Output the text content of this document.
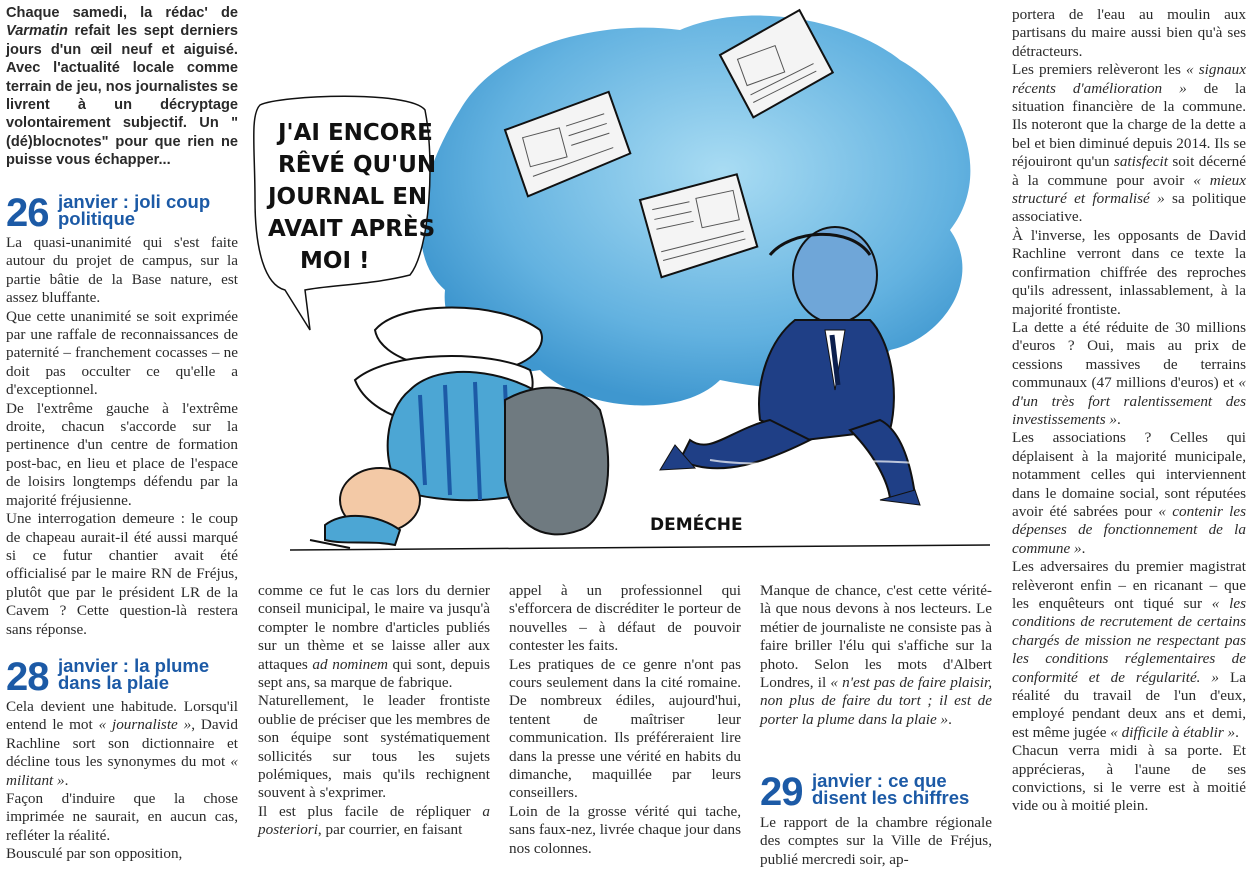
Chaque samedi, la rédac' de Varmatin refait les sept derniers jours d'un œil neuf et aiguisé. Avec l'actualité locale comme terrain de jeu, nos journalistes se livrent à un décryptage volontairement subjectif. Un "(dé)blocnotes" pour que rien ne puisse vous échapper...

26 janvier : joli coup
politique

La quasi-unanimité qui s'est faite autour du projet de campus, sur la partie bâtie de la Base nature, est assez bluffante.

Que cette unanimité se soit exprimée par une raffale de reconnaissances de paternité – franchement cocasses – ne doit pas occulter ce qu'elle a d'exceptionnel.

De l'extrême gauche à l'extrême droite, chacun s'accorde sur la pertinence d'un centre de formation post-bac, en lieu et place de l'espace de loisirs longtemps défendu par la majorité fréjusienne.

Une interrogation demeure : le coup de chapeau aurait-il été aussi marqué si ce futur chantier avait été officialisé par le maire RN de Fréjus, plutôt que par le président LR de la Cavem ? Cette question-là restera sans réponse.

28 janvier : la plume
dans la plaie

Cela devient une habitude. Lorsqu'il entend le mot « journaliste », David Rachline sort son dictionnaire et décline tous les synonymes du mot « militant ».

Façon d'induire que la chose imprimée ne saurait, en aucun cas, refléter la réalité.

Bousculé par son opposition,

J'AI ENCORE
RÊVÉ QU'UN
JOURNAL EN
AVAIT APRÈS
MOI !
DEMÉCHE

comme ce fut le cas lors du dernier conseil municipal, le maire va jusqu'à compter le nombre d'articles publiés sur un thème et se laisse aller aux attaques ad nominem qui sont, depuis sept ans, sa marque de fabrique.

Naturellement, le leader frontiste oublie de préciser que les membres de son équipe sont systématiquement sollicités sur tous les sujets polémiques, mais qu'ils rechignent souvent à s'exprimer.

Il est plus facile de répliquer a posteriori, par courrier, en faisant

appel à un professionnel qui s'efforcera de discréditer le porteur de nouvelles – à défaut de pouvoir contester les faits.

Les pratiques de ce genre n'ont pas cours seulement dans la cité romaine. De nombreux édiles, aujourd'hui, tentent de maîtriser leur communication. Ils préféreraient lire dans la presse une vérité en habits du dimanche, maquillée par leurs conseillers.

Loin de la grosse vérité qui tache, sans faux-nez, livrée chaque jour dans nos colonnes.

Manque de chance, c'est cette vérité-là que nous devons à nos lecteurs. Le métier de journaliste ne consiste pas à faire briller l'élu qui s'affiche sur la photo. Selon les mots d'Albert Londres, il « n'est pas de faire plaisir, non plus de faire du tort ; il est de porter la plume dans la plaie ».

29 janvier : ce que
disent les chiffres

Le rapport de la chambre régionale des comptes sur la Ville de Fréjus, publié mercredi soir, ap-

portera de l'eau au moulin aux partisans du maire aussi bien qu'à ses détracteurs.

Les premiers relèveront les « signaux récents d'amélioration » de la situation financière de la commune. Ils noteront que la charge de la dette a bel et bien diminué depuis 2014. Ils se réjouiront qu'un satisfecit soit décerné à la commune pour avoir « mieux structuré et formalisé » sa politique associative.

À l'inverse, les opposants de David Rachline verront dans ce texte la confirmation chiffrée des reproches qu'ils adressent, inlassablement, à la majorité frontiste.

La dette a été réduite de 30 millions d'euros ? Oui, mais au prix de cessions massives de terrains communaux (47 millions d'euros) et « d'un très fort ralentissement des investissements ».

Les associations ? Celles qui déplaisent à la majorité municipale, notamment celles qui interviennent dans le domaine social, sont réputées avoir été sabrées pour « contenir les dépenses de fonctionnement de la commune ».

Les adversaires du premier magistrat relèveront enfin – en ricanant – que les enquêteurs ont tiqué sur « les conditions de recrutement de certains chargés de mission ne respectant pas les conditions réglementaires de conformité et de régularité. » La réalité du travail de l'un d'eux, employé pendant deux ans et demi, est même jugée « difficile à établir ».

Chacun verra midi à sa porte. Et apprécieras, à l'aune de ses convictions, si le verre est à moitié vide ou à moitié plein.
